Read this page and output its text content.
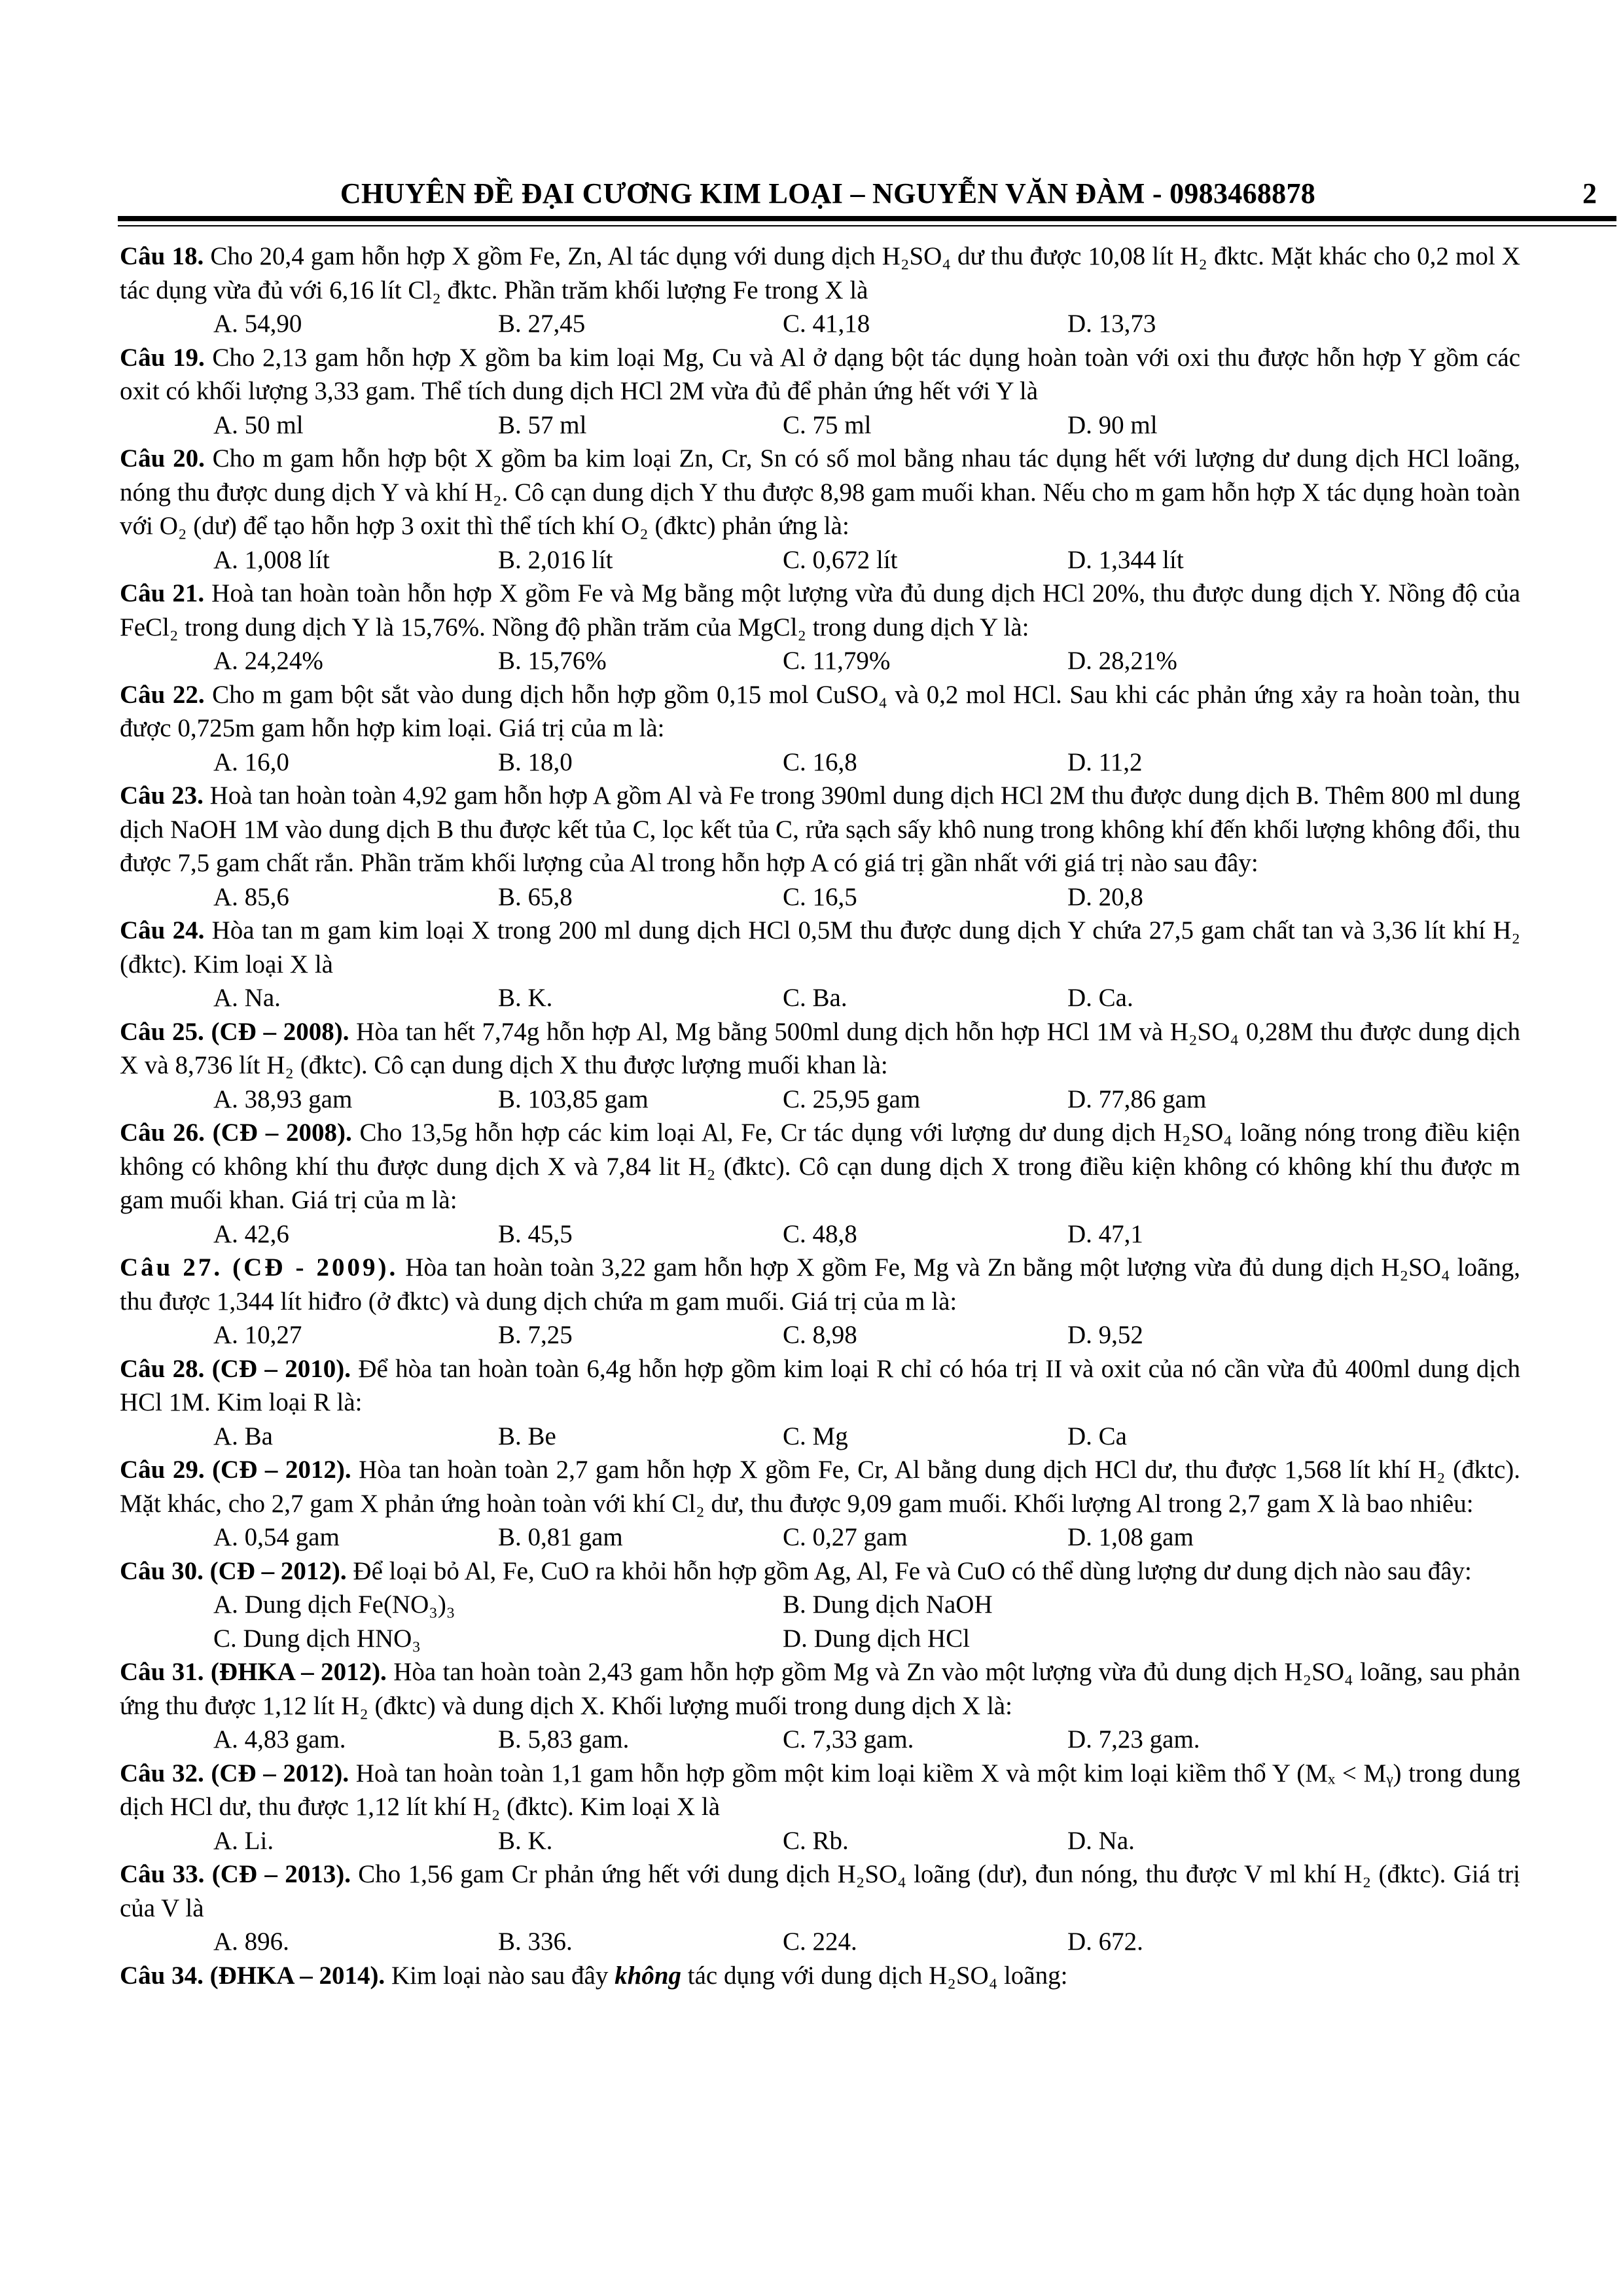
CHUYÊN ĐỀ ĐẠI CƯƠNG KIM LOẠI – NGUYỄN VĂN ĐÀM - 0983468878	2
Câu 18. Cho 20,4 gam hỗn hợp X gồm Fe, Zn, Al tác dụng với dung dịch H₂SO₄ dư thu được 10,08 lít H₂ đktc. Mặt khác cho 0,2 mol X tác dụng vừa đủ với 6,16 lít Cl₂ đktc. Phần trăm khối lượng Fe trong X là
A. 54,90	B. 27,45	C. 41,18	D. 13,73
Câu 19. Cho 2,13 gam hỗn hợp X gồm ba kim loại Mg, Cu và Al ở dạng bột tác dụng hoàn toàn với oxi thu được hỗn hợp Y gồm các oxit có khối lượng 3,33 gam. Thể tích dung dịch HCl 2M vừa đủ để phản ứng hết với Y là
A. 50 ml	B. 57 ml	C. 75 ml	D. 90 ml
Câu 20. Cho m gam hỗn hợp bột X gồm ba kim loại Zn, Cr, Sn có số mol bằng nhau tác dụng hết với lượng dư dung dịch HCl loãng, nóng thu được dung dịch Y và khí H₂. Cô cạn dung dịch Y thu được 8,98 gam muối khan. Nếu cho m gam hỗn hợp X tác dụng hoàn toàn với O₂ (dư) để tạo hỗn hợp 3 oxit thì thể tích khí O₂ (đktc) phản ứng là:
A. 1,008 lít	B. 2,016 lít	C. 0,672 lít	D. 1,344 lít
Câu 21. Hoà tan hoàn toàn hỗn hợp X gồm Fe và Mg bằng một lượng vừa đủ dung dịch HCl 20%, thu được dung dịch Y. Nồng độ của FeCl₂ trong dung dịch Y là 15,76%. Nồng độ phần trăm của MgCl₂ trong dung dịch Y là:
A. 24,24%	B. 15,76%	C. 11,79%	D. 28,21%
Câu 22. Cho m gam bột sắt vào dung dịch hỗn hợp gồm 0,15 mol CuSO₄ và 0,2 mol HCl. Sau khi các phản ứng xảy ra hoàn toàn, thu được 0,725m gam hỗn hợp kim loại. Giá trị của m là:
A. 16,0	B. 18,0	C. 16,8	D. 11,2
Câu 23. Hoà tan hoàn toàn 4,92 gam hỗn hợp A gồm Al và Fe trong 390ml dung dịch HCl 2M thu được dung dịch B. Thêm 800 ml dung dịch NaOH 1M vào dung dịch B thu được kết tủa C, lọc kết tủa C, rửa sạch sấy khô nung trong không khí đến khối lượng không đổi, thu được 7,5 gam chất rắn. Phần trăm khối lượng của Al trong hỗn hợp A có giá trị gần nhất với giá trị nào sau đây:
A. 85,6	B. 65,8	C. 16,5	D. 20,8
Câu 24. Hòa tan m gam kim loại X trong 200 ml dung dịch HCl 0,5M thu được dung dịch Y chứa 27,5 gam chất tan và 3,36 lít khí H₂ (đktc). Kim loại X là
A. Na.	B. K.	C. Ba.	D. Ca.
Câu 25. (CĐ – 2008). Hòa tan hết 7,74g hỗn hợp Al, Mg bằng 500ml dung dịch hỗn hợp HCl 1M và H₂SO₄ 0,28M thu được dung dịch X và 8,736 lít H₂ (đktc). Cô cạn dung dịch X thu được lượng muối khan là:
A. 38,93 gam	B. 103,85 gam	C. 25,95 gam	D. 77,86 gam
Câu 26. (CĐ – 2008). Cho 13,5g hỗn hợp các kim loại Al, Fe, Cr tác dụng với lượng dư dung dịch H₂SO₄ loãng nóng trong điều kiện không có không khí thu được dung dịch X và 7,84 lit H₂ (đktc). Cô cạn dung dịch X trong điều kiện không có không khí thu được m gam muối khan. Giá trị của m là:
A. 42,6	B. 45,5	C. 48,8	D. 47,1
Câu 27. (CĐ - 2009). Hòa tan hoàn toàn 3,22 gam hỗn hợp X gồm Fe, Mg và Zn bằng một lượng vừa đủ dung dịch H₂SO₄ loãng, thu được 1,344 lít hiđro (ở đktc) và dung dịch chứa m gam muối. Giá trị của m là:
A. 10,27	B. 7,25	C. 8,98	D. 9,52
Câu 28. (CĐ – 2010). Để hòa tan hoàn toàn 6,4g hỗn hợp gồm kim loại R chỉ có hóa trị II và oxit của nó cần vừa đủ 400ml dung dịch HCl 1M. Kim loại R là:
A. Ba	B. Be	C. Mg	D. Ca
Câu 29. (CĐ – 2012). Hòa tan hoàn toàn 2,7 gam hỗn hợp X gồm Fe, Cr, Al bằng dung dịch HCl dư, thu được 1,568 lít khí H₂ (đktc). Mặt khác, cho 2,7 gam X phản ứng hoàn toàn với khí Cl₂ dư, thu được 9,09 gam muối. Khối lượng Al trong 2,7 gam X là bao nhiêu:
A. 0,54 gam	B. 0,81 gam	C. 0,27 gam	D. 1,08 gam
Câu 30. (CĐ – 2012). Để loại bỏ Al, Fe, CuO ra khỏi hỗn hợp gồm Ag, Al, Fe và CuO có thể dùng lượng dư dung dịch nào sau đây:
A. Dung dịch Fe(NO₃)₃	B. Dung dịch NaOH
C. Dung dịch HNO₃	D. Dung dịch HCl
Câu 31. (ĐHKA – 2012). Hòa tan hoàn toàn 2,43 gam hỗn hợp gồm Mg và Zn vào một lượng vừa đủ dung dịch H₂SO₄ loãng, sau phản ứng thu được 1,12 lít H₂ (đktc) và dung dịch X. Khối lượng muối trong dung dịch X là:
A. 4,83 gam.	B. 5,83 gam.	C. 7,33 gam.	D. 7,23 gam.
Câu 32. (CĐ – 2012). Hoà tan hoàn toàn 1,1 gam hỗn hợp gồm một kim loại kiềm X và một kim loại kiềm thổ Y (Mₓ < Mᵧ) trong dung dịch HCl dư, thu được 1,12 lít khí H₂ (đktc). Kim loại X là
A. Li.	B. K.	C. Rb.	D. Na.
Câu 33. (CĐ – 2013). Cho 1,56 gam Cr phản ứng hết với dung dịch H₂SO₄ loãng (dư), đun nóng, thu được V ml khí H₂ (đktc). Giá trị của V là
A. 896.	B. 336.	C. 224.	D. 672.
Câu 34. (ĐHKA – 2014). Kim loại nào sau đây không tác dụng với dung dịch H₂SO₄ loãng:
